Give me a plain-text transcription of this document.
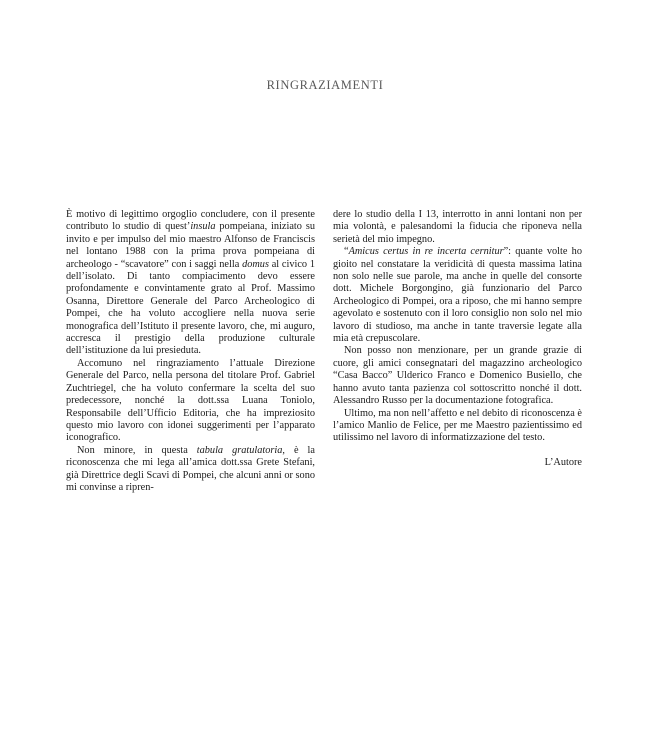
RINGRAZIAMENTI

È motivo di legittimo orgoglio concludere, con il presente contributo lo studio di quest’insula pompeiana, iniziato su invito e per impulso del mio maestro Alfonso de Franciscis nel lontano 1988 con la prima prova pompeiana di archeologo - “scavatore” con i saggi nella domus al civico 1 dell’isolato. Di tanto compiacimento devo essere profondamente e convintamente grato al Prof. Massimo Osanna, Direttore Generale del Parco Archeologico di Pompei, che ha voluto accogliere nella nuova serie monografica dell’Istituto il presente lavoro, che, mi auguro, accresca il prestigio della produzione culturale dell’istituzione da lui presieduta.

Accomuno nel ringraziamento l’attuale Direzione Generale del Parco, nella persona del titolare Prof. Gabriel Zuchtriegel, che ha voluto confermare la scelta del suo predecessore, nonché la dott.ssa Luana Toniolo, Responsabile dell’Ufficio Editoria, che ha impreziosito questo mio lavoro con idonei suggerimenti per l’apparato iconografico.

Non minore, in questa tabula gratulatoria, è la riconoscenza che mi lega all’amica dott.ssa Grete Stefani, già Direttrice degli Scavi di Pompei, che alcuni anni or sono mi convinse a ripren-

dere lo studio della I 13, interrotto in anni lontani non per mia volontà, e palesandomi la fiducia che riponeva nella serietà del mio impegno.

“Amicus certus in re incerta cernitur”: quante volte ho gioito nel constatare la veridicità di questa massima latina non solo nelle sue parole, ma anche in quelle del consorte dott. Michele Borgongino, già funzionario del Parco Archeologico di Pompei, ora a riposo, che mi hanno sempre agevolato e sostenuto con il loro consiglio non solo nel mio lavoro di studioso, ma anche in tante traversie legate alla mia età crepuscolare.

Non posso non menzionare, per un grande grazie di cuore, gli amici consegnatari del magazzino archeologico “Casa Bacco” Ulderico Franco e Domenico Busiello, che hanno avuto tanta pazienza col sottoscritto nonché il dott. Alessandro Russo per la documentazione fotografica.

Ultimo, ma non nell’affetto e nel debito di riconoscenza è l’amico Manlio de Felice, per me Maestro pazientissimo ed utilissimo nel lavoro di informatizzazione del testo.

L’Autore
